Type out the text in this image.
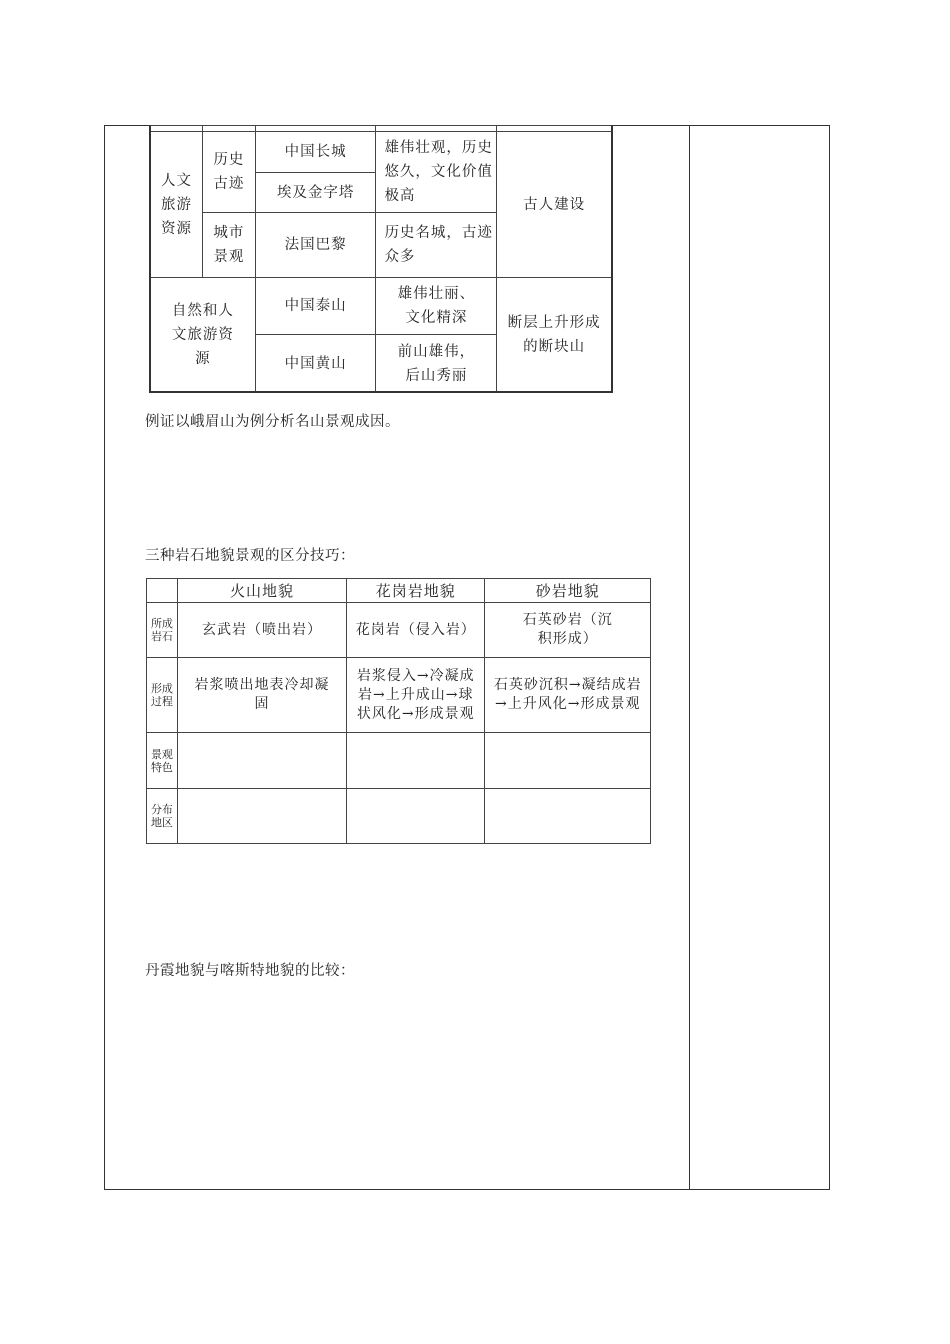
人文旅游资源	历史古迹	中国长城	雄伟壮观，历史悠久，文化价值极高	古人建设
		埃及金字塔		
	城市景观	法国巴黎	历史名城，古迹众多	
自然和人文旅游资源		中国泰山	雄伟壮丽、文化精深	断层上升形成的断块山
		中国黄山	前山雄伟，后山秀丽	
例证以峨眉山为例分析名山景观成因。
三种岩石地貌景观的区分技巧：
	火山地貌	花岗岩地貌	砂岩地貌
所成岩石	玄武岩（喷出岩）	花岗岩（侵入岩）	石英砂岩（沉积形成）
形成过程	岩浆喷出地表冷却凝固	岩浆侵入→冷凝成岩→上升成山→球状风化→形成景观	石英砂沉积→凝结成岩→上升风化→形成景观
景观特色			
分布地区			
丹霞地貌与喀斯特地貌的比较：
